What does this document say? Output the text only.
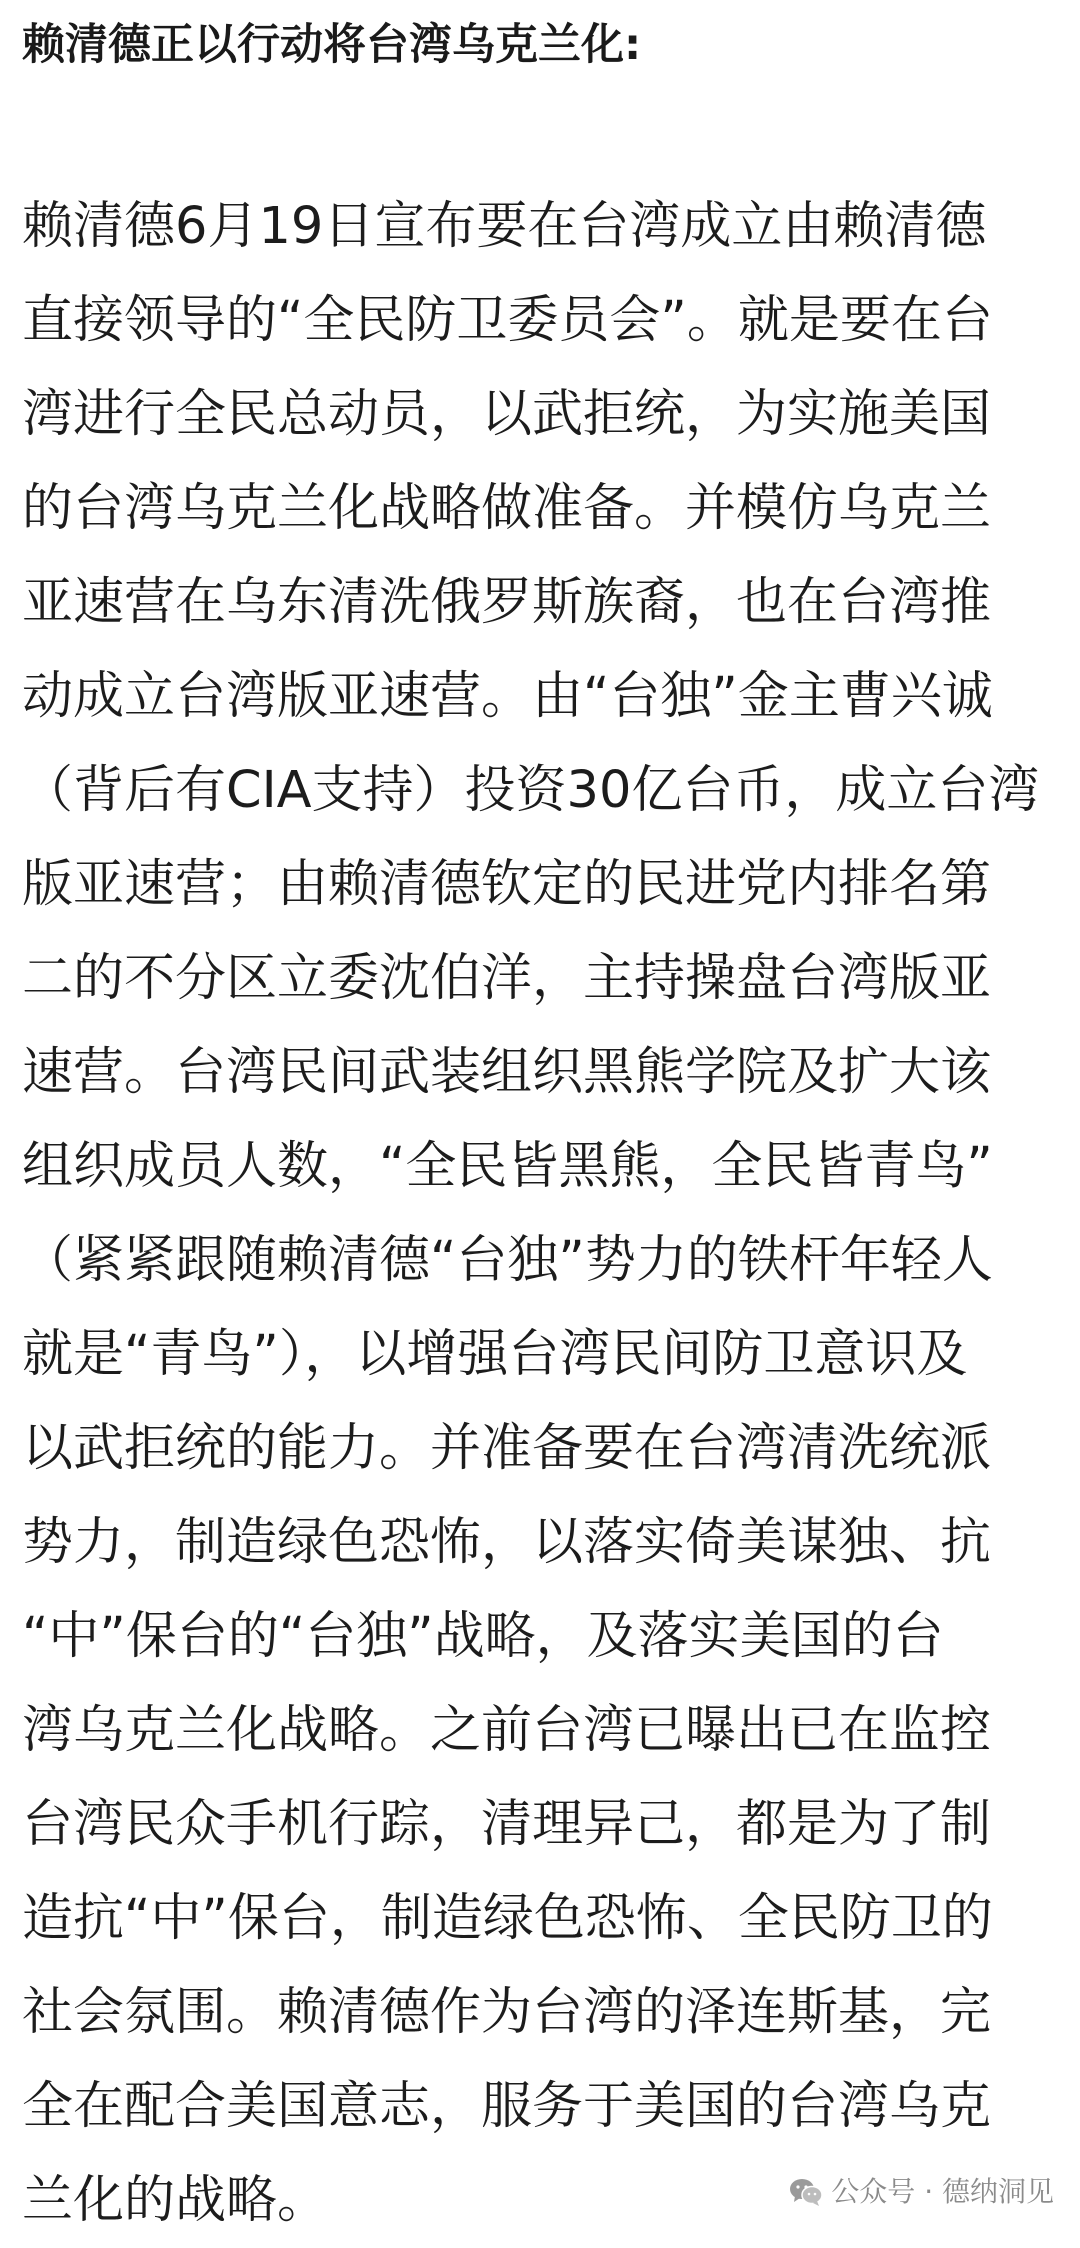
赖清德正以行动将台湾乌克兰化:
赖清德6月19日宣布要在台湾成立由赖清德
直接领导的“全民防卫委员会”。就是要在台
湾进行全民总动员，以武拒统，为实施美国
的台湾乌克兰化战略做准备。并模仿乌克兰
亚速营在乌东清洗俄罗斯族裔，也在台湾推
动成立台湾版亚速营。由“台独”金主曹兴诚
（背后有CIA支持）投资30亿台币，成立台湾
版亚速营；由赖清德钦定的民进党内排名第
二的不分区立委沈伯洋，主持操盘台湾版亚
速营。台湾民间武装组织黑熊学院及扩大该
组织成员人数，“全民皆黑熊，全民皆青鸟”
（紧紧跟随赖清德“台独”势力的铁杆年轻人
就是“青鸟”），以增强台湾民间防卫意识及
以武拒统的能力。并准备要在台湾清洗统派
势力，制造绿色恐怖，以落实倚美谋独、抗
“中”保台的“台独”战略，及落实美国的台
湾乌克兰化战略。之前台湾已曝出已在监控
台湾民众手机行踪，清理异己，都是为了制
造抗“中”保台，制造绿色恐怖、全民防卫的
社会氛围。赖清德作为台湾的泽连斯基，完
全在配合美国意志，服务于美国的台湾乌克
兰化的战略。	公众号 · 德纳洞见
